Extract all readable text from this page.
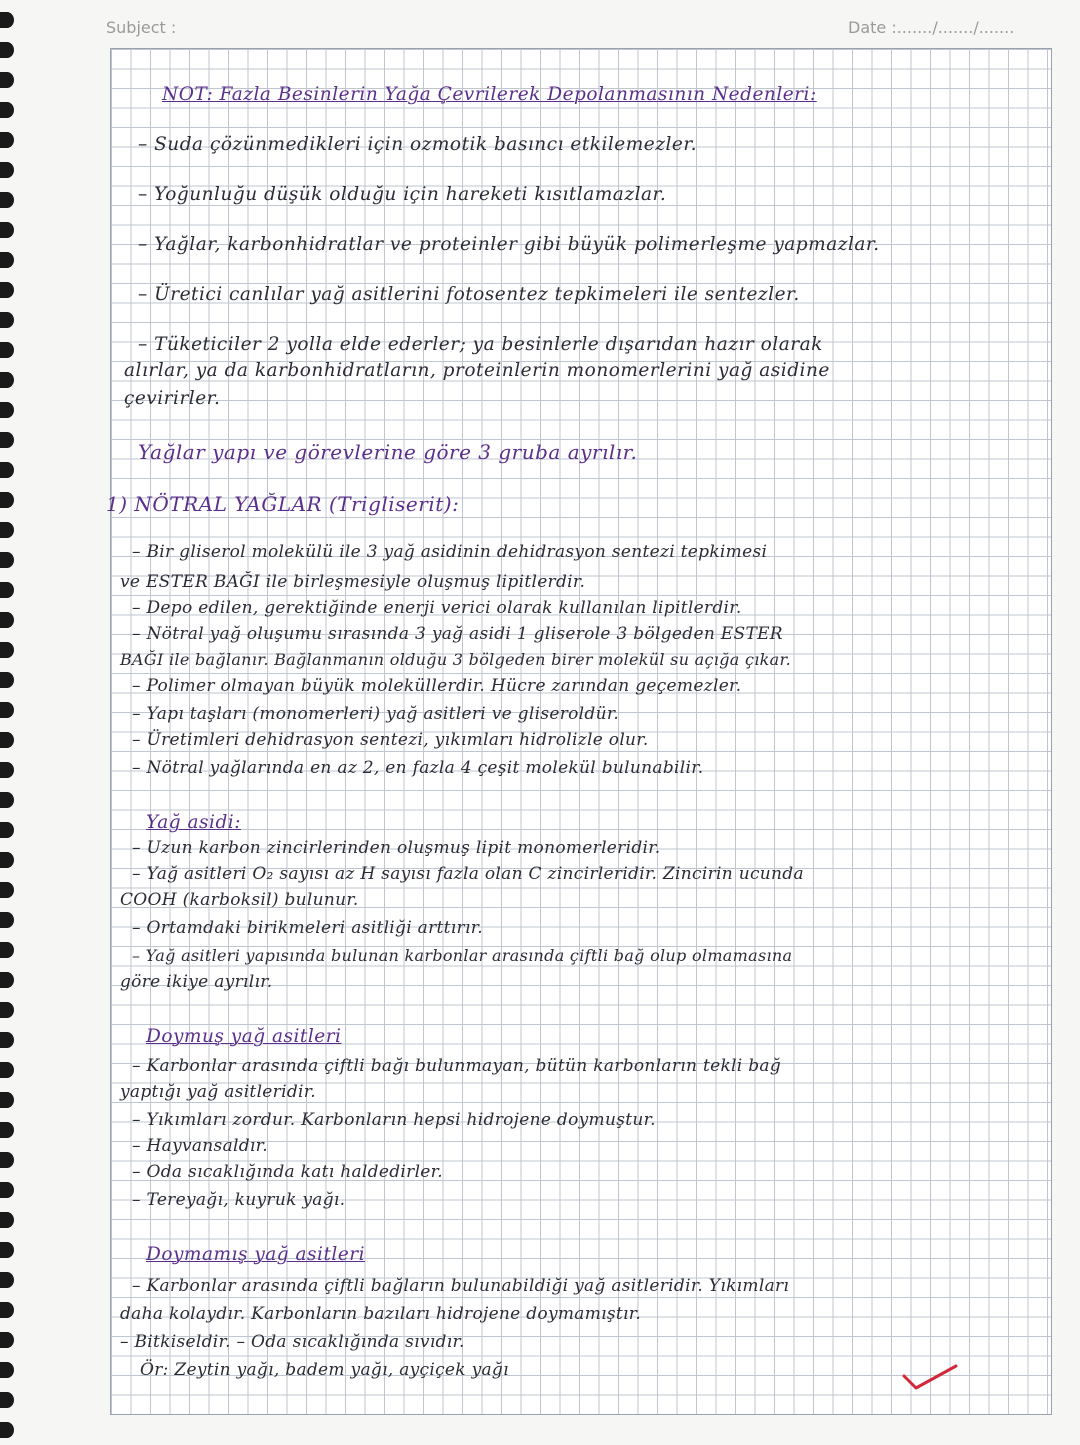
Subject :	Date :......./......./.......
NOT: Fazla Besinlerin Yağa Çevrilerek Depolanmasının Nedenleri:
– Suda çözünmedikleri için ozmotik basıncı etkilemezler.
– Yoğunluğu düşük olduğu için hareketi kısıtlamazlar.
– Yağlar, karbonhidratlar ve proteinler gibi büyük polimerleşme yapmazlar.
– Üretici canlılar yağ asitlerini fotosentez tepkimeleri ile sentezler.
– Tüketiciler 2 yolla elde ederler; ya besinlerle dışarıdan hazır olarak
alırlar, ya da karbonhidratların, proteinlerin monomerlerini yağ asidine
çevirirler.
Yağlar yapı ve görevlerine göre 3 gruba ayrılır.
1) NÖTRAL YAĞLAR (Trigliserit):
– Bir gliserol molekülü ile 3 yağ asidinin dehidrasyon sentezi tepkimesi
ve ESTER BAĞI ile birleşmesiyle oluşmuş lipitlerdir.
– Depo edilen, gerektiğinde enerji verici olarak kullanılan lipitlerdir.
– Nötral yağ oluşumu sırasında 3 yağ asidi 1 gliserole 3 bölgeden ESTER
BAĞI ile bağlanır. Bağlanmanın olduğu 3 bölgeden birer molekül su açığa çıkar.
– Polimer olmayan büyük moleküllerdir. Hücre zarından geçemezler.
– Yapı taşları (monomerleri) yağ asitleri ve gliseroldür.
– Üretimleri dehidrasyon sentezi, yıkımları hidrolizle olur.
– Nötral yağlarında en az 2, en fazla 4 çeşit molekül bulunabilir.
Yağ asidi:
– Uzun karbon zincirlerinden oluşmuş lipit monomerleridir.
– Yağ asitleri O₂ sayısı az H sayısı fazla olan C zincirleridir. Zincirin ucunda
COOH (karboksil) bulunur.
– Ortamdaki birikmeleri asitliği arttırır.
– Yağ asitleri yapısında bulunan karbonlar arasında çiftli bağ olup olmamasına
göre ikiye ayrılır.
Doymuş yağ asitleri
– Karbonlar arasında çiftli bağı bulunmayan, bütün karbonların tekli bağ
yaptığı yağ asitleridir.
– Yıkımları zordur. Karbonların hepsi hidrojene doymuştur.
– Hayvansaldır.
– Oda sıcaklığında katı haldedirler.
– Tereyağı, kuyruk yağı.
Doymamış yağ asitleri
– Karbonlar arasında çiftli bağların bulunabildiği yağ asitleridir. Yıkımları
daha kolaydır. Karbonların bazıları hidrojene doymamıştır.
– Bitkiseldir. – Oda sıcaklığında sıvıdır.
Ör: Zeytin yağı, badem yağı, ayçiçek yağı
